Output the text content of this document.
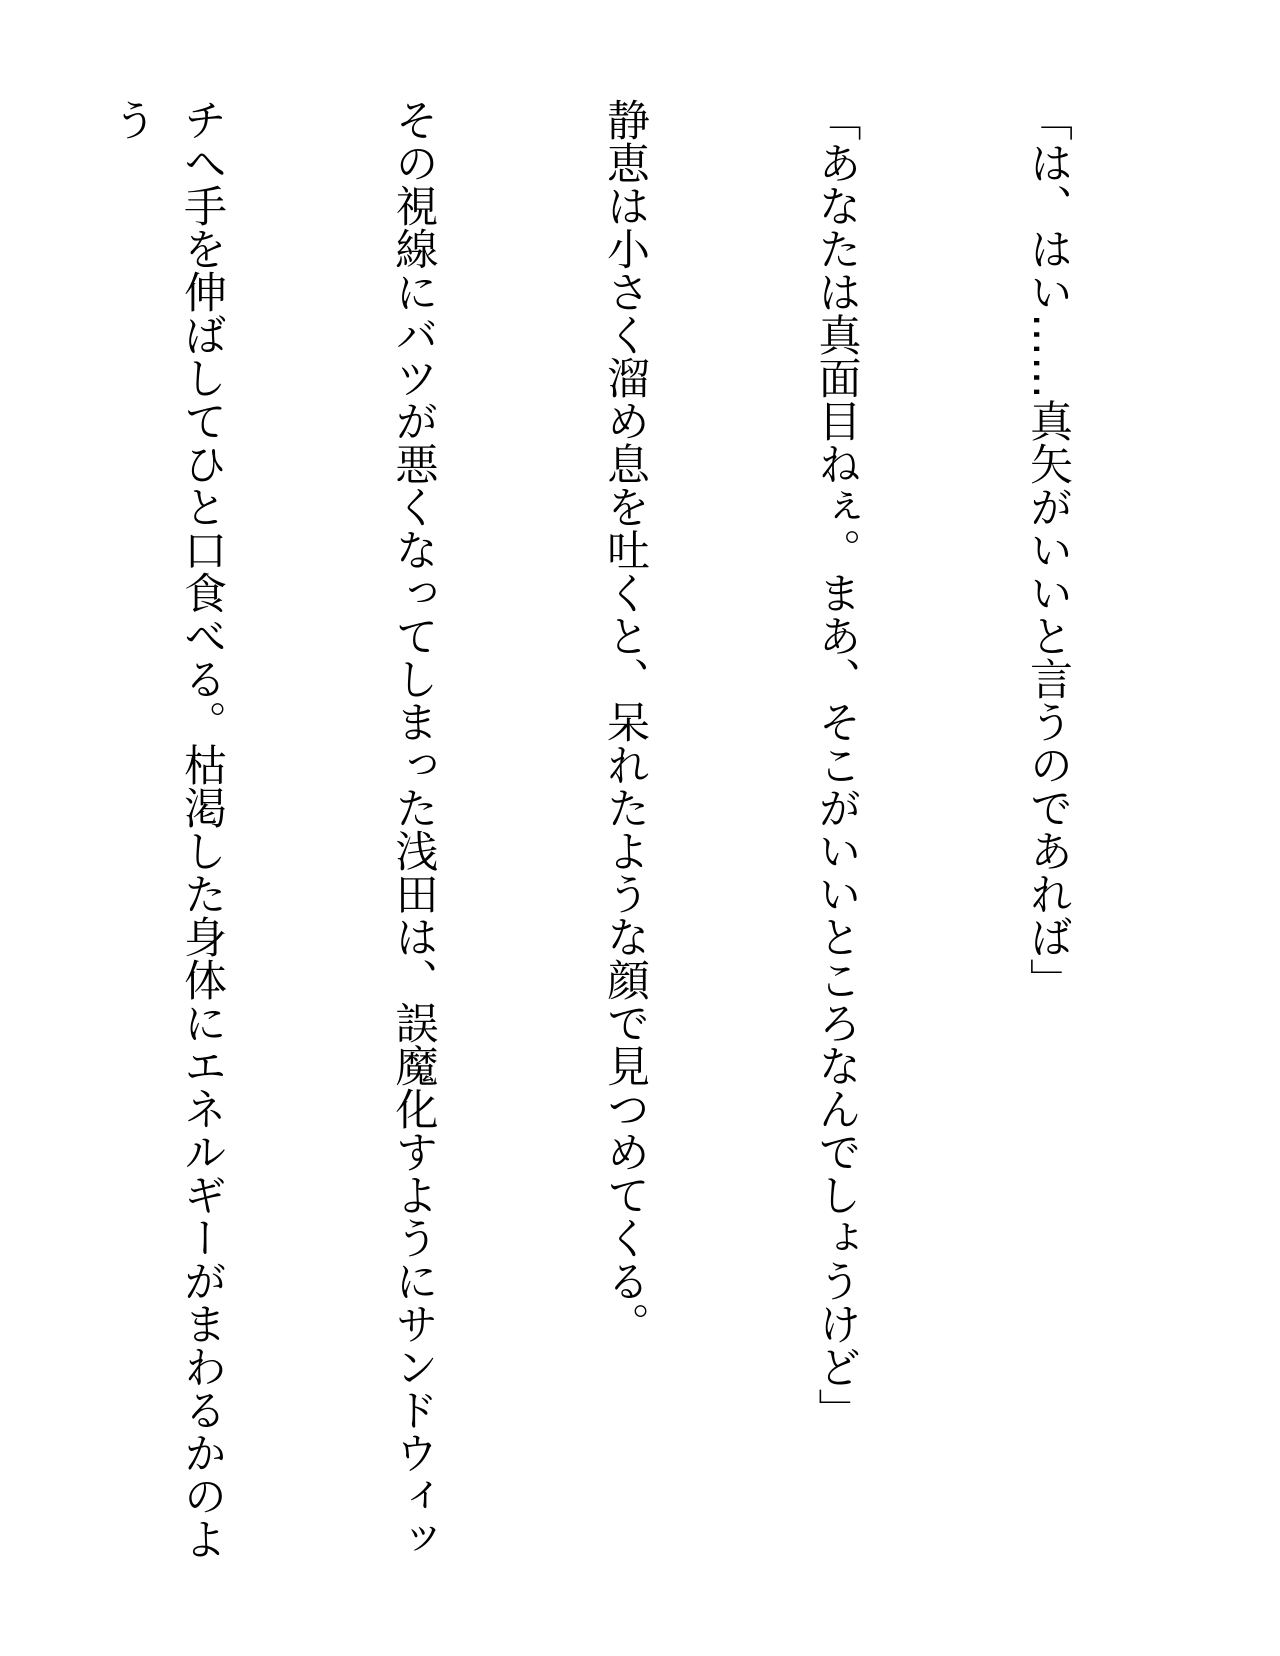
「は、はい……真矢がいいと言うのであれば」

「あなたは真面目ねぇ。まあ、そこがいいところなんでしょうけど」

静恵は小さく溜め息を吐くと、呆れたような顔で見つめてくる。

その視線にバツが悪くなってしまった浅田は、誤魔化すようにサンドウィッ

チへ手を伸ばしてひと口食べる。枯渇した身体にエネルギーがまわるかのよう
